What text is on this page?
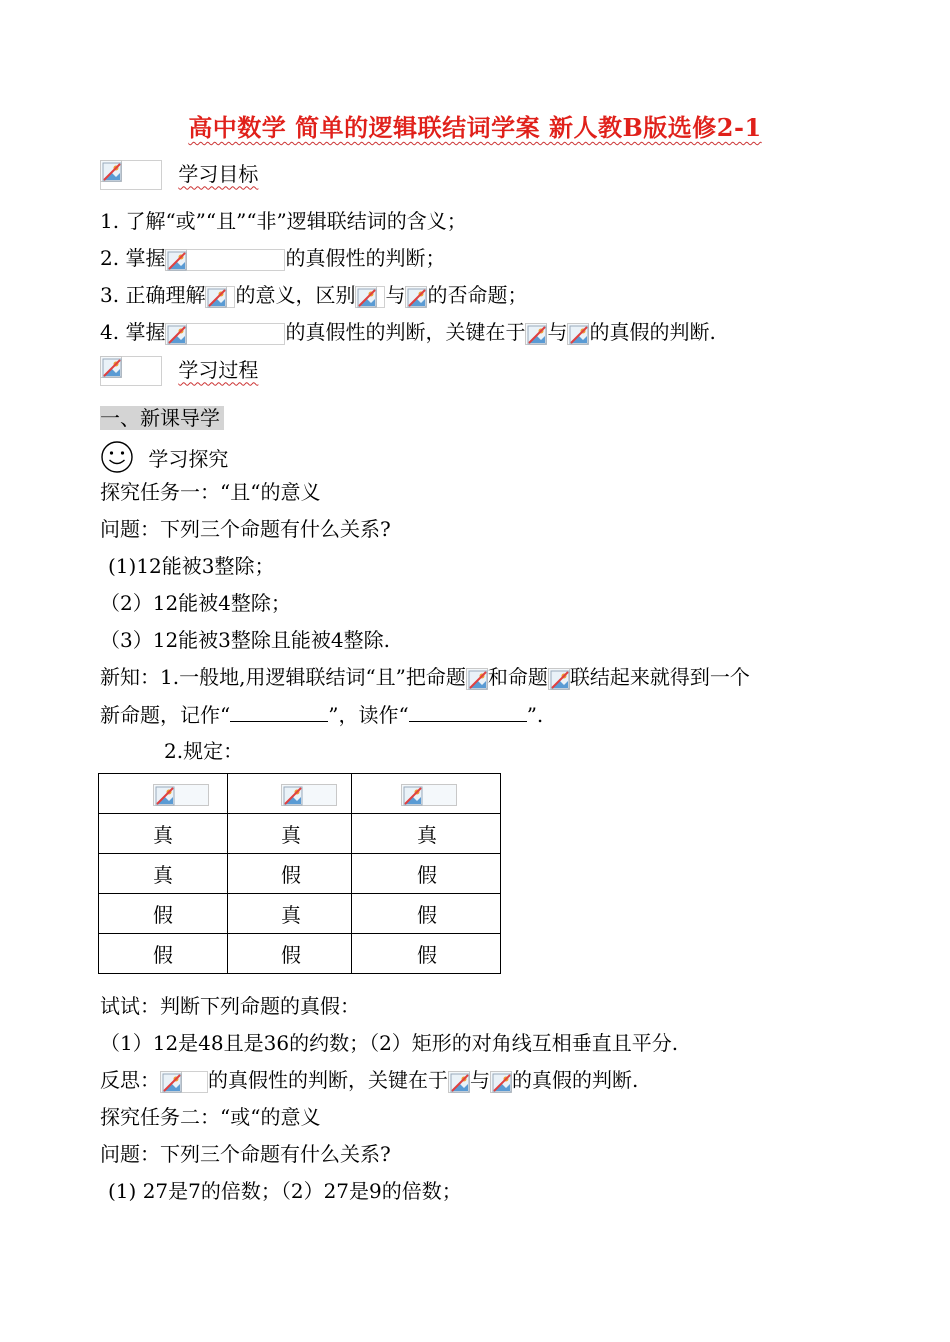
高中数学 简单的逻辑联结词学案 新人教B版选修2-1
学习目标
1. 了解“或”“且”“非”逻辑联结词的含义；
2. 掌握	的真假性的判断；
3. 正确理解 的意义，区别 与 的否命题；
4. 掌握	的真假性的判断，关键在于 与 的真假的判断.
学习过程
一、新课导学
学习探究
探究任务一：“且“的意义
问题：下列三个命题有什么关系?
(1)12能被3整除；
（2）12能被4整除；
（3）12能被3整除且能被4整除.
新知：1.一般地,用逻辑联结词“且”把命题 和命题 联结起来就得到一个
新命题，记作“	”，读作“	”.
2.规定：

真	真	真
真	假	假
假	真	假
假	假	假
试试：判断下列命题的真假：
（1）12是48且是36的约数；（2）矩形的对角线互相垂直且平分.
反思： 的真假性的判断，关键在于 与 的真假的判断.
探究任务二：“或“的意义
问题：下列三个命题有什么关系?
(1) 27是7的倍数；（2）27是9的倍数；
